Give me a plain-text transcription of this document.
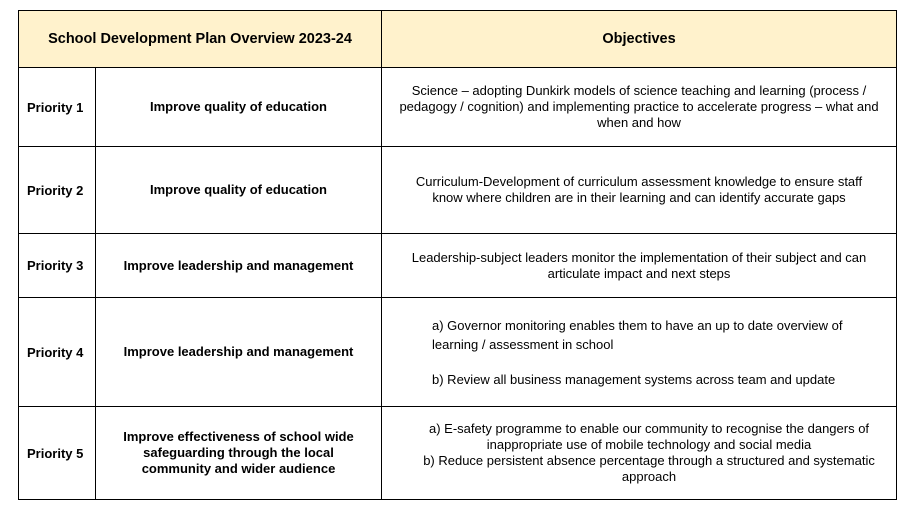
School Development Plan Overview 2023-24		Objectives
Priority 1	Improve quality of education	Science – adopting Dunkirk models of science teaching and learning (process / pedagogy / cognition) and implementing practice to accelerate progress – what and when and how
Priority 2	Improve quality of education	Curriculum-Development of curriculum assessment knowledge to ensure staff know where children are in their learning and can identify accurate gaps
Priority 3	Improve leadership and management	Leadership-subject leaders monitor the implementation of their subject and can articulate impact and next steps
Priority 4	Improve leadership and management	a) Governor monitoring enables them to have an up to date overview of learning / assessment in school

b) Review all business management systems across team and update

Priority 5	Improve effectiveness of school wide safeguarding through the local community and wider audience	a) E-safety programme to enable our community to recognise the dangers of inappropriate use of mobile technology and social media

b) Reduce persistent absence percentage through a structured and systematic approach
